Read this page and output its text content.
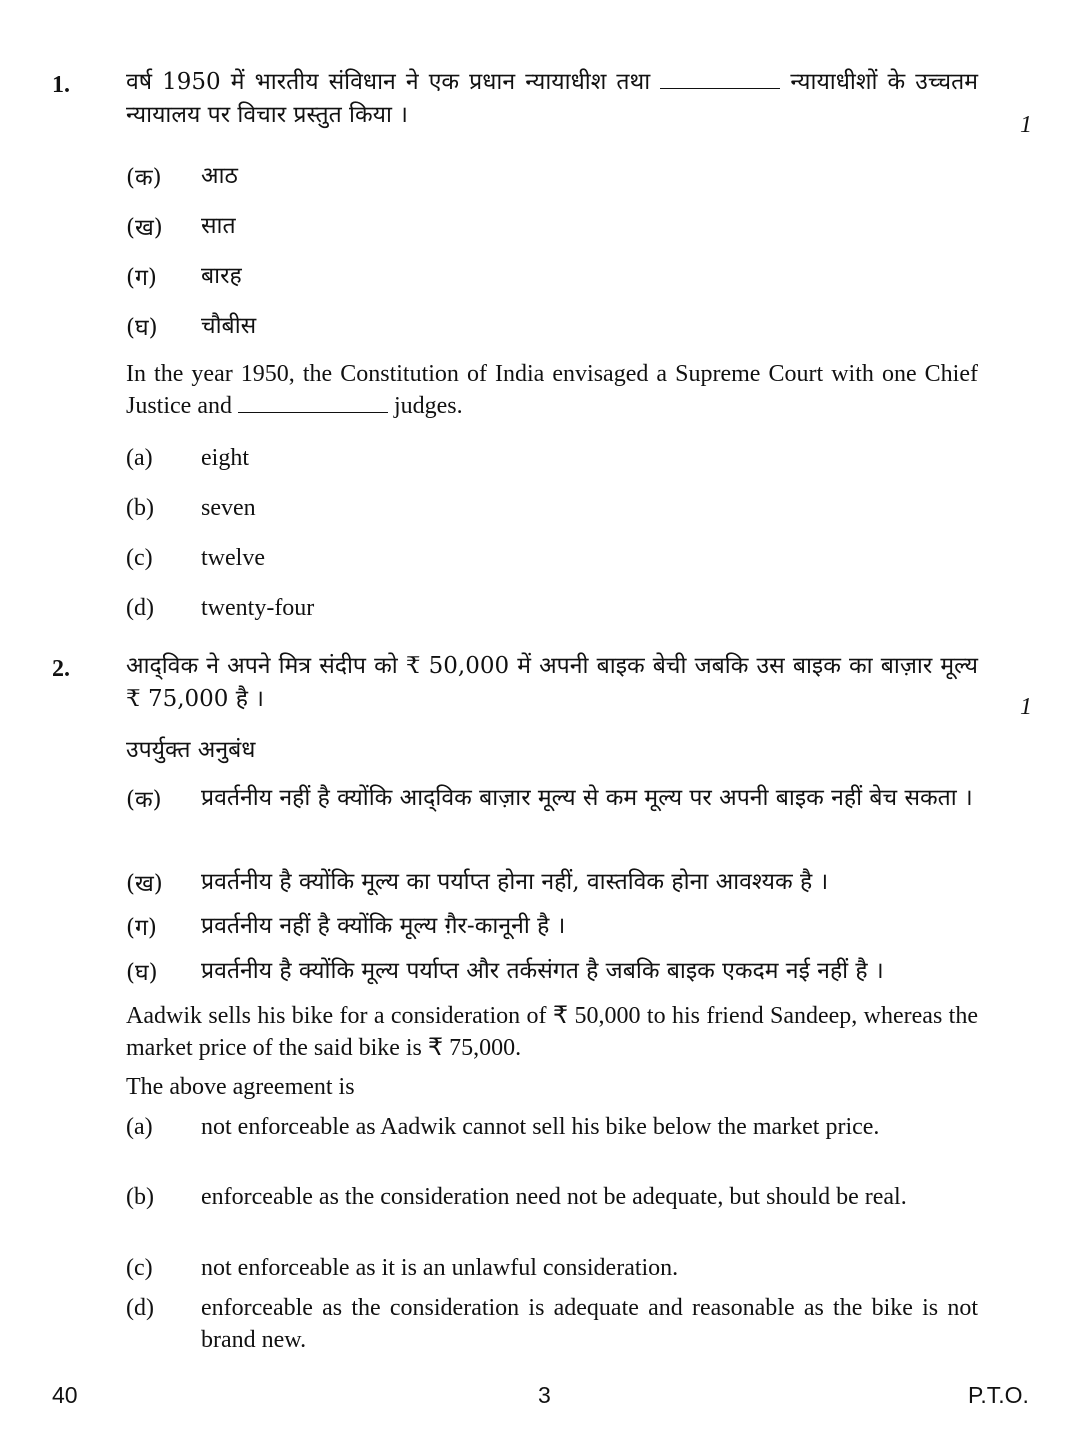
1. वर्ष 1950 में भारतीय संविधान ने एक प्रधान न्यायाधीश तथा	न्यायाधीशों के उच्चतम न्यायालय पर विचार प्रस्तुत किया ।	1
(क) आठ
(ख) सात
(ग) बारह
(घ) चौबीस
In the year 1950, the Constitution of India envisaged a Supreme Court with one Chief Justice and	judges.
(a) eight
(b) seven
(c) twelve
(d) twenty-four
2. आद्‌विक ने अपने मित्र संदीप को ₹ 50,000 में अपनी बाइक बेची जबकि उस बाइक का बाज़ार मूल्य ₹ 75,000 है ।	1
उपर्युक्त अनुबंध
(क) प्रवर्तनीय नहीं है क्योंकि आद्‌विक बाज़ार मूल्य से कम मूल्य पर अपनी बाइक नहीं बेच सकता ।
(ख) प्रवर्तनीय है क्योंकि मूल्य का पर्याप्त होना नहीं, वास्तविक होना आवश्यक है ।
(ग) प्रवर्तनीय नहीं है क्योंकि मूल्य ग़ैर-कानूनी है ।
(घ) प्रवर्तनीय है क्योंकि मूल्य पर्याप्त और तर्कसंगत है जबकि बाइक एकदम नई नहीं है ।
Aadwik sells his bike for a consideration of ₹ 50,000 to his friend Sandeep, whereas the market price of the said bike is ₹ 75,000.
The above agreement is
(a) not enforceable as Aadwik cannot sell his bike below the market price.
(b) enforceable as the consideration need not be adequate, but should be real.
(c) not enforceable as it is an unlawful consideration.
(d) enforceable as the consideration is adequate and reasonable as the bike is not brand new.
40	3	P.T.O.
